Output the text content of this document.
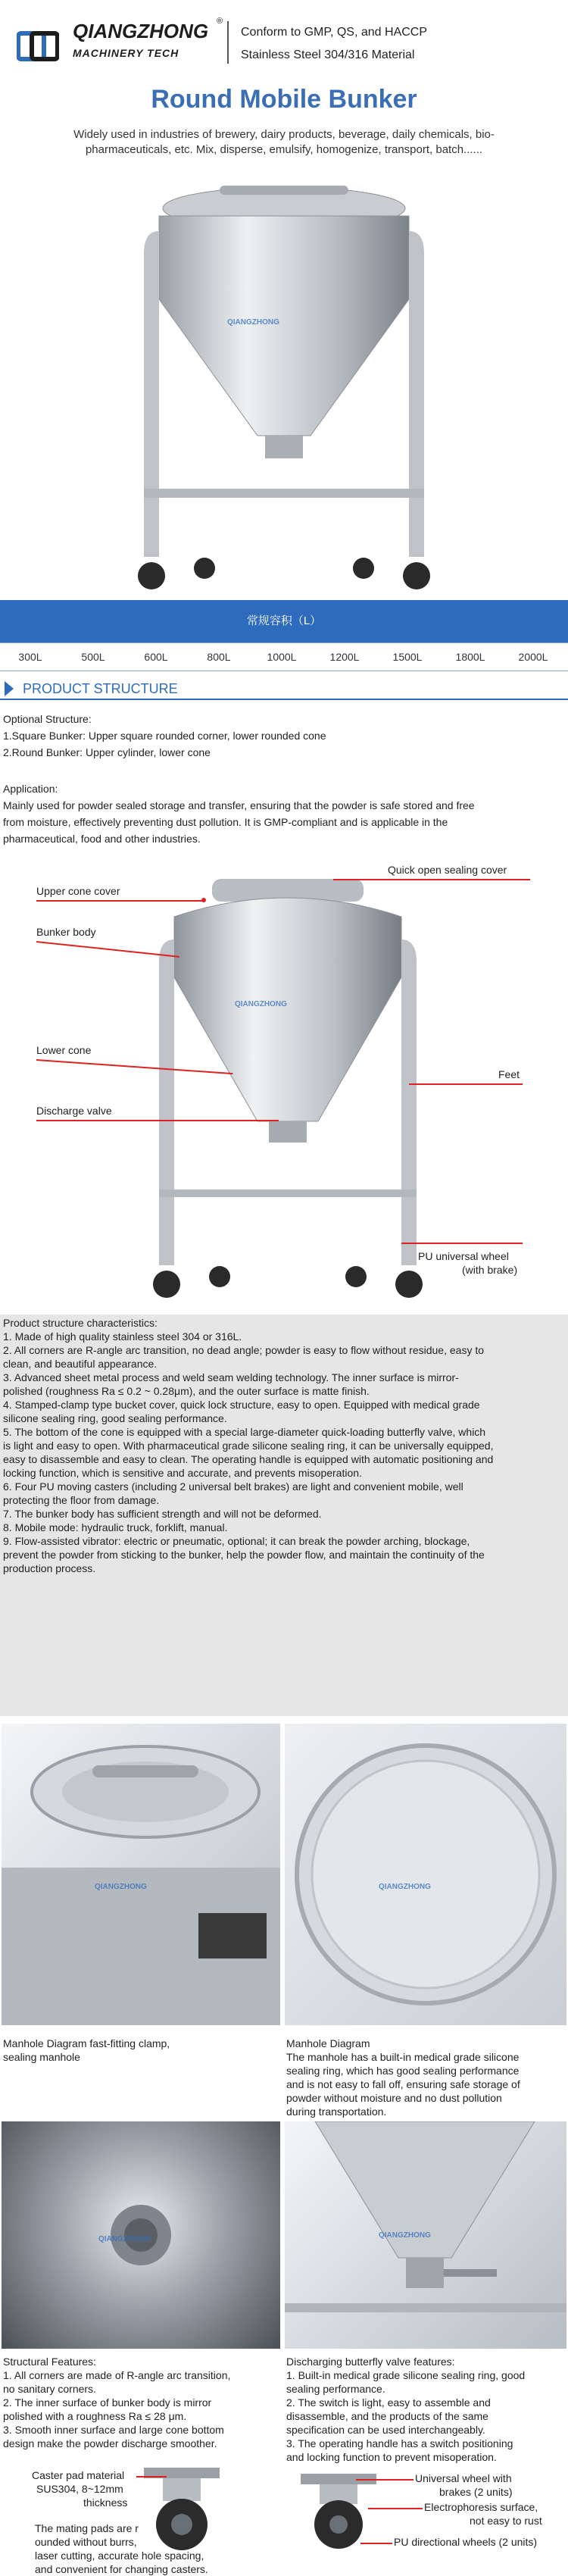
QIANGZHONG ®
MACHINERY TECH
Conform to GMP, QS, and HACCP
Stainless Steel 304/316 Material
Round Mobile Bunker
Widely used in industries of brewery, dairy products, beverage, daily chemicals, bio-pharmaceuticals, etc. Mix, disperse, emulsify, homogenize, transport, batch......
QIANGZHONG
常规容积（L）
300L	500L	600L	800L	1000L	1200L	1500L	1800L	2000L
PRODUCT STRUCTURE
Optional Structure:
1.Square Bunker: Upper square rounded corner, lower rounded cone
2.Round Bunker: Upper cylinder, lower cone
Application:
Mainly used for powder sealed storage and transfer, ensuring that the powder is safe stored and free
from moisture, effectively preventing dust pollution. It is GMP-compliant and is applicable in the
pharmaceutical, food and other industries.
QIANGZHONG
Upper cone cover
Bunker body
Lower cone
Discharge valve
Quick open sealing cover
Feet
PU universal wheel
(with brake)
Product structure characteristics:
1. Made of high quality stainless steel 304 or 316L.
2. All corners are R-angle arc transition, no dead angle; powder is easy to flow without residue, easy to
clean, and beautiful appearance.
3. Advanced sheet metal process and weld seam welding technology. The inner surface is mirror-
polished (roughness Ra ≤ 0.2 ~ 0.28μm), and the outer surface is matte finish.
4. Stamped-clamp type bucket cover, quick lock structure, easy to open. Equipped with medical grade
silicone sealing ring, good sealing performance.
5. The bottom of the cone is equipped with a special large-diameter quick-loading butterfly valve, which
is light and easy to open. With pharmaceutical grade silicone sealing ring, it can be universally equipped,
easy to disassemble and easy to clean. The operating handle is equipped with automatic positioning and
locking function, which is sensitive and accurate, and prevents misoperation.
6. Four PU moving casters (including 2 universal belt brakes) are light and convenient mobile, well
protecting the floor from damage.
7. The bunker body has sufficient strength and will not be deformed.
8. Mobile mode: hydraulic truck, forklift, manual.
9. Flow-assisted vibrator: electric or pneumatic, optional; it can break the powder arching, blockage,
prevent the powder from sticking to the bunker, help the powder flow, and maintain the continuity of the
production process.
QIANGZHONG	QIANGZHONG
Manhole Diagram fast-fitting clamp,
sealing manhole
Manhole Diagram
The manhole has a built-in medical grade silicone
sealing ring, which has good sealing performance
and is not easy to fall off, ensuring safe storage of
powder without moisture and no dust pollution
during transportation.
QIANGZHONG	QIANGZHONG
Structural Features:
1. All corners are made of R-angle arc transition,
no sanitary corners.
2. The inner surface of bunker body is mirror
polished with a roughness Ra ≤ 28 μm.
3. Smooth inner surface and large cone bottom
design make the powder discharge smoother.
Discharging butterfly valve features:
1. Built-in medical grade silicone sealing ring, good
sealing performance.
2. The switch is light, easy to assemble and
disassemble, and the products of the same
specification can be used interchangeably.
3. The operating handle has a switch positioning
and locking function to prevent misoperation.
Caster pad material
SUS304, 8~12mm
thickness
The mating pads are r
ounded without burrs,
laser cutting, accurate hole spacing,
and convenient for changing casters.
Universal wheel with
brakes (2 units)
Electrophoresis surface,
not easy to rust
PU directional wheels (2 units)
